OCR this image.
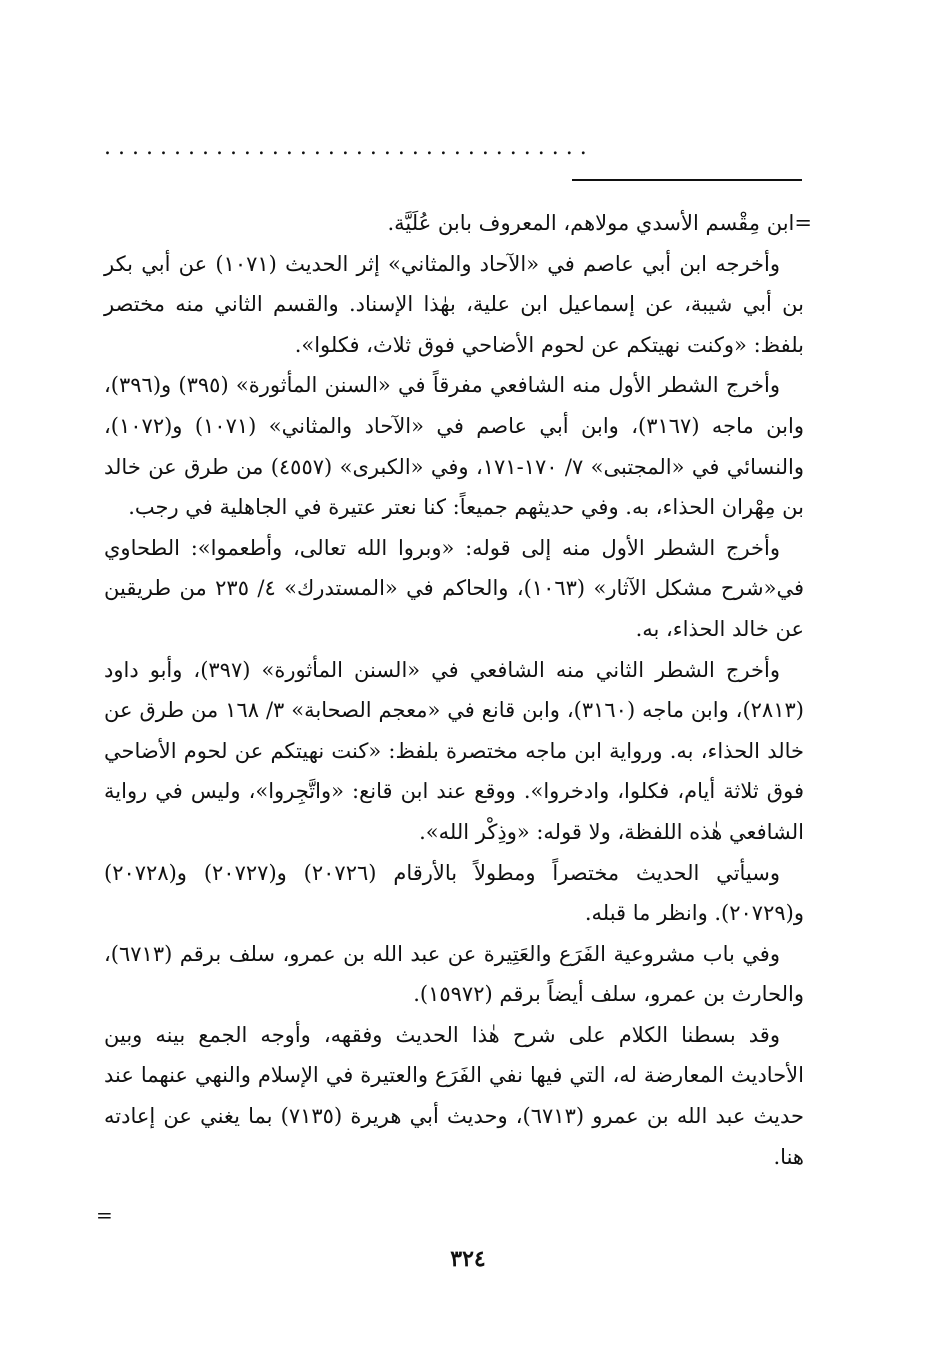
...................................

=ابن مِقْسم الأسدي مولاهم، المعروف بابن عُلَيَّة.

وأخرجه ابن أبي عاصم في «الآحاد والمثاني» إثر الحديث (١٠٧١) عن أبي بكر بن أبي شيبة، عن إسماعيل ابن علية، بهٰذا الإسناد. والقسم الثاني منه مختصر بلفظ: «وكنت نهيتكم عن لحوم الأضاحي فوق ثلاث، فكلوا».

وأخرج الشطر الأول منه الشافعي مفرقاً في «السنن المأثورة» (٣٩٥) و(٣٩٦)، وابن ماجه (٣١٦٧)، وابن أبي عاصم في «الآحاد والمثاني» (١٠٧١) و(١٠٧٢)، والنسائي في «المجتبى» ٧/ ١٧٠-١٧١، وفي «الكبرى» (٤٥٥٧) من طرق عن خالد بن مِهْران الحذاء، به. وفي حديثهم جميعاً: كنا نعتر عتيرة في الجاهلية في رجب.

وأخرج الشطر الأول منه إلى قوله: «وبروا الله تعالى، وأطعموا»: الطحاوي في«شرح مشكل الآثار» (١٠٦٣)، والحاكم في «المستدرك» ٤/ ٢٣٥ من طريقين عن خالد الحذاء، به.

وأخرج الشطر الثاني منه الشافعي في «السنن المأثورة» (٣٩٧)، وأبو داود (٢٨١٣)، وابن ماجه (٣١٦٠)، وابن قانع في «معجم الصحابة» ٣/ ١٦٨ من طرق عن خالد الحذاء، به. ورواية ابن ماجه مختصرة بلفظ: «كنت نهيتكم عن لحوم الأضاحي فوق ثلاثة أيام، فكلوا، وادخروا». ووقع عند ابن قانع: «واتَّجِروا»، وليس في رواية الشافعي هٰذه اللفظة، ولا قوله: «وذِكْر الله».

وسيأتي الحديث مختصراً ومطولاً بالأرقام (٢٠٧٢٦) و(٢٠٧٢٧) و(٢٠٧٢٨) و(٢٠٧٢٩). وانظر ما قبله.

وفي باب مشروعية الفَرَع والعَتِيرة عن عبد الله بن عمرو، سلف برقم (٦٧١٣)، والحارث بن عمرو، سلف أيضاً برقم (١٥٩٧٢).

وقد بسطنا الكلام على شرح هٰذا الحديث وفقهه، وأوجه الجمع بينه وبين الأحاديث المعارضة له، التي فيها نفي الفَرَع والعتيرة في الإسلام والنهي عنهما عند حديث عبد الله بن عمرو (٦٧١٣)، وحديث أبي هريرة (٧١٣٥) بما يغني عن إعادته هنا.

=
٣٢٤
